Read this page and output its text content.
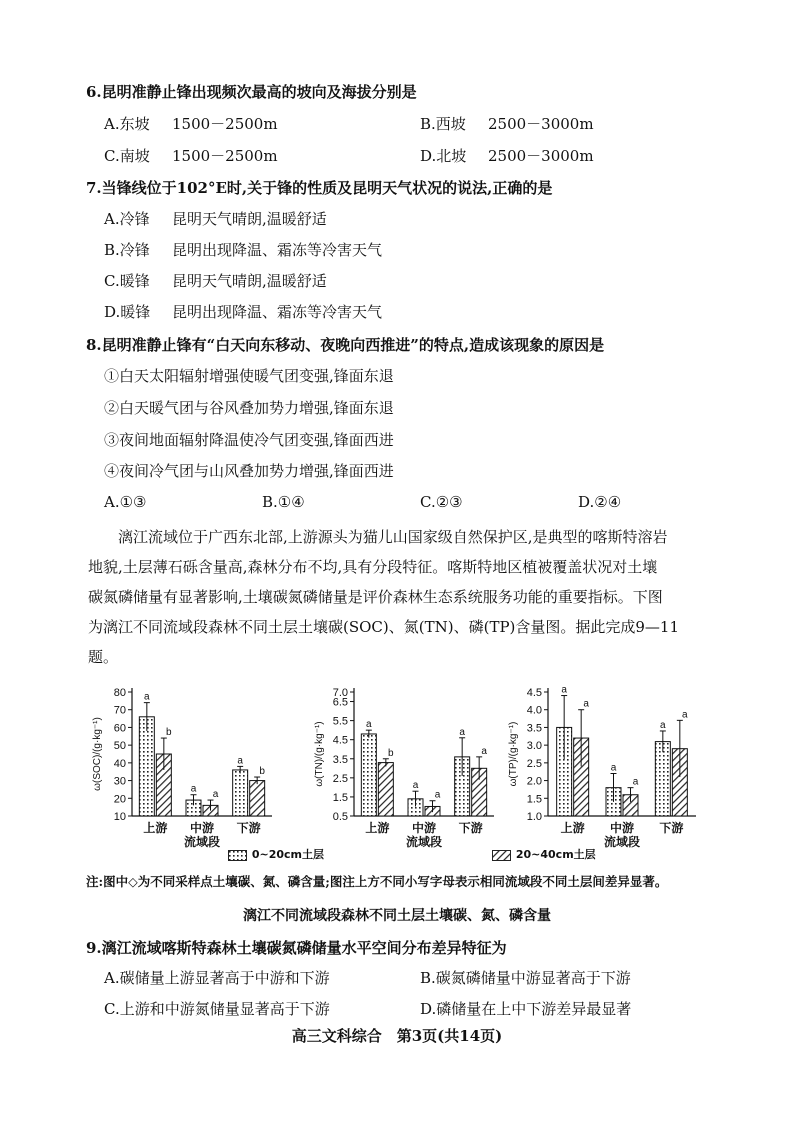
6.昆明准静止锋出现频次最高的坡向及海拔分别是
A.东坡 1500－2500m	B.西坡 2500－3000m
C.南坡 1500－2500m	D.北坡 2500－3000m
7.当锋线位于102°E时,关于锋的性质及昆明天气状况的说法,正确的是
A.冷锋 昆明天气晴朗,温暖舒适
B.冷锋 昆明出现降温、霜冻等冷害天气
C.暖锋 昆明天气晴朗,温暖舒适
D.暖锋 昆明出现降温、霜冻等冷害天气
8.昆明准静止锋有“白天向东移动、夜晚向西推进”的特点,造成该现象的原因是
①白天太阳辐射增强使暖气团变强,锋面东退
②白天暖气团与谷风叠加势力增强,锋面东退
③夜间地面辐射降温使冷气团变强,锋面西进
④夜间冷气团与山风叠加势力增强,锋面西进
A.①③	B.①④	C.②③	D.②④

漓江流域位于广西东北部,上游源头为猫儿山国家级自然保护区,是典型的喀斯特溶岩

地貌,土层薄石砾含量高,森林分布不均,具有分段特征。喀斯特地区植被覆盖状况对土壤

碳氮磷储量有显著影响,土壤碳氮磷储量是评价森林生态系统服务功能的重要指标。下图

为漓江不同流域段森林不同土层土壤碳(SOC)、氮(TN)、磷(TP)含量图。据此完成9—11

题。

80
70
60
50
40
30
20
10
ω(SOC)/(g·kg⁻¹)
a
b
上游
a a
中游
流域段
a
b
下游
7.0
6.5
5.5
4.5
3.5
2.5
1.5
0.5
ω(TN)/(g·kg⁻¹)	a
b
上游
a
a
中游
流域段
a
a
下游
4.5
4.0
3.5
3.0
2.5
2.0
1.5
1.0
ω(TP)/(g·kg⁻¹)
a
a
上游
a
a
中游
流域段
a
a
下游
0~20cm土层	20~40cm土层
注:图中◇为不同采样点土壤碳、氮、磷含量;图注上方不同小写字母表示相同流域段不同土层间差异显著。
漓江不同流域段森林不同土层土壤碳、氮、磷含量
9.漓江流域喀斯特森林土壤碳氮磷储量水平空间分布差异特征为
A.碳储量上游显著高于中游和下游	B.碳氮磷储量中游显著高于下游
C.上游和中游氮储量显著高于下游	D.磷储量在上中下游差异最显著
高三文科综合　第3页(共14页)
